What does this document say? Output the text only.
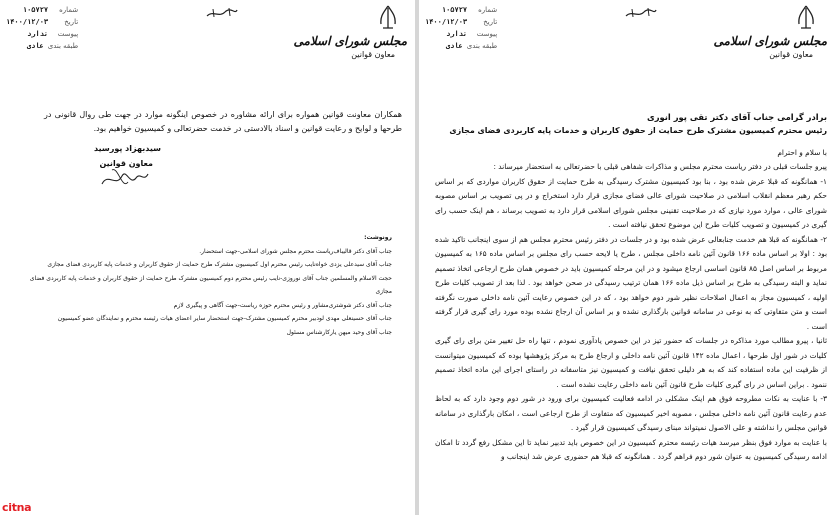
شماره
۱۰۵۷۲۷
تاریخ
۱۴۰۰/۱۲/۰۳
پیوست
ندارد
طبقه بندی
عادی	مجلس شورای اسلامی
معاون قوانین
همکاران معاونت قوانین همواره برای ارائه مشاوره در خصوص اینگونه موارد در جهت طی روال قانونی در طرحها و لوایح و رعایت قوانین و اسناد بالادستی در خدمت حضرتعالی و کمیسیون خواهیم بود.
سیدبهزاد پورسید
معاون قوانین
رونوشت:
جناب آقای دکتر قالیباف‌ریاست محترم مجلس شورای اسلامی‌-جهت استحضار.
جناب آقای سیدعلی یزدی خواه‌نایب رئیس محترم اول کمیسیون مشترک طرح حمایت از حقوق کاربران و خدمات پایه کاربردی فضای مجازی
حجت الاسلام والمسلمین جناب آقای نوروزی-نایب رئیس محترم دوم کمیسیون مشترک طرح حمایت از حقوق کاربران و خدمات پایه کاربردی فضای مجازی
جناب آقای دکتر شوشتری‌مشاور و رئیس محترم حوزه ریاست-جهت آگاهی و پیگیری لازم
جناب آقای حسینعلی مهدی لودبیر محترم کمیسیون مشترک-جهت استحضار سایر اعضای هیات رئیسه محترم و نمایندگان عضو کمیسیون
جناب آقای وحید میهن یار‌کارشناس مسئول
شماره
۱۰۵۷۲۷
تاریخ
۱۴۰۰/۱۲/۰۳
پیوست
ندارد
طبقه بندی
عادی	مجلس شورای اسلامی
معاون قوانین
برادر گرامی جناب آقای دکتر تقی پور انوری
رئیس محترم کمیسیون مشترک طرح حمایت از حقوق کاربران و خدمات پایه کاربردی فضای مجازی
با سلام و احترام

پیرو جلسات قبلی در دفتر ریاست محترم مجلس و مذاکرات شفاهی قبلی با حضرتعالی به استحضار میرساند :

۱- همانگونه که قبلا عرض شده بود ، بنا بود کمیسیون مشترک رسیدگی به طرح حمایت از حقوق کاربران مواردی که بر اساس حکم رهبر معظم انقلاب اسلامی در صلاحیت شورای عالی فضای مجازی قرار دارد استخراج و در پی تصویب بر اساس مصوبه شورای عالی ، موارد مورد نیازی که در صلاحیت تقنینی مجلس شورای اسلامی قرار دارد به تصویب برساند ، هم اینک حسب رای گیری در کمیسیون و تصویب کلیات طرح این موضوع تحقق نیافته است .

۲- همانگونه که قبلا هم خدمت جنابعالی عرض شده بود و در جلسات در دفتر رئیس محترم مجلس هم از سوی اینجانب تاکید شده بود : اولا بر اساس ماده ۱۶۶ قانون آئین نامه داخلی مجلس ، طرح یا لایحه حسب رای مجلس بر اساس ماده ۱۶۵ به کمیسیون مربوط بر اساس اصل ۸۵ قانون اساسی ارجاع میشود و در این مرحله کمیسیون باید در خصوص همان طرح ارجاعی اتخاذ تصمیم نماید و البته رسیدگی به طرح بر اساس ذیل ماده ۱۶۶ همان ترتیب رسیدگی در صحن خواهد بود . لذا بعد از تصویب کلیات طرح اولیه ، کمیسیون مجاز به اعمال اصلاحات نظیر شور دوم خواهد بود ، که در این خصوص رعایت آئین نامه داخلی صورت نگرفته است و متن متفاوتی که به نوعی در سامانه قوانین بارگذاری نشده و بر اساس آن ارجاع نشده بوده مورد رای گیری قرار گرفته است .

ثانیا ، پیرو مطالب مورد مذاکره در جلسات که حضور تیز در این خصوص یادآوری نمودم ، تنها راه حل تغییر متن برای رای گیری کلیات در شور اول طرحها ، اعمال ماده ۱۴۲ قانون آئین نامه داخلی و ارجاع طرح به مرکز پژوهشها بوده که کمیسیون میتوانست از ظرفیت این ماده استفاده کند که به هر دلیلی تحقق نیافت و کمیسیون نیز متاسفانه در راستای اجرای این ماده اتخاذ تصمیم ننمود . براین اساس در رای گیری کلیات طرح قانون آئین نامه داخلی رعایت نشده است .

۳- با عنایت به نکات مطروحه فوق هم اینک مشکلی در ادامه فعالیت کمیسیون برای ورود در شور دوم وجود دارد که به لحاظ عدم رعایت قانون آئین نامه داخلی مجلس ، مصوبه اخیر کمیسیون که متفاوت از طرح ارجاعی است ، امکان بارگذاری در سامانه قوانین مجلس را نداشته و علی الاصول نمیتواند مبنای رسیدگی کمیسیون قرار گیرد .

با عنایت به موارد فوق بنظر میرسد هیات رئیسه محترم کمیسیون در این خصوص باید تدبیر نماید تا این مشکل رفع گردد تا امکان ادامه رسیدگی کمیسیون به عنوان شور دوم فراهم گردد . همانگونه که قبلا هم حضوری عرض شد اینجانب و

citna
